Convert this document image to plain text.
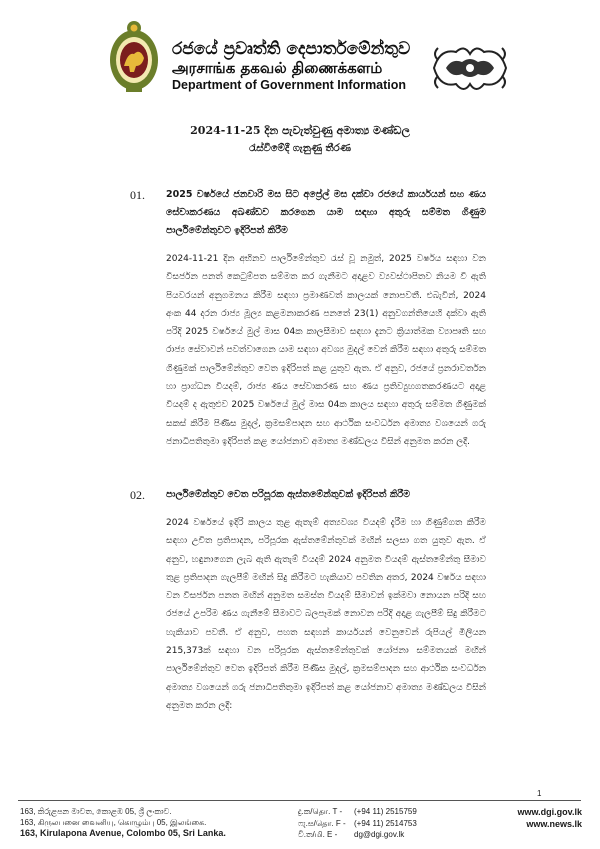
රජයේ ප්‍රවෘත්ති දෙපාර්තමේන්තුව
அரசாங்க தகவல் திணைக்களம்
Department of Government Information
2024-11-25 දින පැවැත්වුණු අමාත්‍ය මණ්ඩල
රැස්වීමේදී ගැනුණු තීරණ
01. 2025 වර්ෂයේ ජනවාරි මස සිට අප්‍රේල් මස දක්වා රජයේ කාර්යයන් සහ ණය සේවාකරණය අඛණ්ඩව කරගෙන යාම සඳහා අතුරු සම්මත ගිණුම පාර්ලිමේන්තුවට ඉදිරිපත් කිරීම
2024-11-21 දින අභිනව පාර්ලිමේන්තුව රැස් වූ නමුත්, 2025 වර්ෂය සඳහා වන විසර්ජන පනත් කෙටුම්පත සම්මත කර ගැනීමට අදාළව ව්‍යවස්ථාපිතව නියම වී ඇති පියවරයන් අනුගමනය කිරීම සඳහා ප්‍රමාණවත් කාලයක් නොපවතී. එබැවින්, 2024 අංක 44 දරන රාජ්‍ය මූල්‍ය කළමනාකරණ පනතේ 23(1) අනුවගන්තියෙහි දක්වා ඇති පරිදි 2025 වර්ෂයේ මුල් මාස 04ක කාලසීමාව සඳහා දැනට ක්‍රියාත්මක ව්‍යාපෘති සහ රාජ්‍ය සේවාවන් පවත්වාගෙන යාම සඳහා අවශ්‍ය මුදල් වෙන් කිරීම සඳහා අතුරු සම්මත ගිණුමක් පාර්ලිමේන්තුව වෙත ඉදිරිපත් කළ යුතුව ඇත. ඒ අනුව, රජයේ ප්‍රනරාවර්තන හා ප්‍රාග්ධන වියදම්, රාජ්‍ය ණය සේවාකරණ සහ ණය ප්‍රතිව්‍යුහගතකරණයට අදාළ වියදම් ද ඇතුළුව 2025 වර්ෂයේ මුල් මාස 04ක කාලය සඳහා අතුරු සම්මත ගිණුමක් සකස් කිරීම පිණිස මුදල්, ක්‍රමසම්පාදන සහ ආර්ථික සංවර්ධන අමාත්‍ය වශයෙන් ගරු ජනාධිපතිතුමා ඉදිරිපත් කළ යෝජනාව අමාත්‍ය මණ්ඩලය විසින් අනුමත කරන ලදී.
02. පාර්ලිමේන්තුව වෙත පරිපූරක ඇස්තමේන්තුවක් ඉදිරිපත් කිරීම
2024 වර්ෂයේ ඉදිරි කාලය තුළ ඇතැම් අත්‍යවශ්‍ය වියදම් දැරීම හා ගිණුම්ගත කිරීම සඳහා උචිත ප්‍රතිපාදන, පරිපූරක ඇස්තමේන්තුවක් මඟින් සලසා ගත යුතුව ඇත. ඒ අනුව, හඳුනාගෙන ලැබ ඇති ඇතැම් වියදම් 2024 අනුමත වියදම් ඇස්තමේන්තු සීමාව තුළ ප්‍රතිපාදන ගැලපීම් මඟින් සිදු කිරීමට හැකියාව පවතින අතර, 2024 වර්ෂය සඳහා වන විසර්ජන පනත මඟින් අනුමත සමස්ත වියදම් සීමාවන් ඉක්මවා නොයන පරිදි සහ රජයේ උපරිම ණය ගැනීමේ සීමාවට බලපෑමක් නොවන පරිදි අදාළ ගැලපීම් සිදු කිරීමට හැකියාව පවතී. ඒ අනුව, පහත සඳහන් කාර්යයන් වෙනුවෙන් රුපියල් මිලියන 215,373ක් සඳහා වන පරිපූරක ඇස්තමේන්තුවක් යෝජනා සම්මතයක් මඟින් පාර්ලිමේන්තුව වෙත ඉදිරිපත් කිරීම පිණිස මුදල්, ක්‍රමසම්පාදන සහ ආර්ථික සංවර්ධන අමාත්‍ය වශයෙන් ගරු ජනාධිපතිතුමා ඉදිරිපත් කළ යෝජනාව අමාත්‍ය මණ්ඩලය විසින් අනුමත කරන ලදී:
1
163, කිරුළපන මාවත, කොළඹ 05, ශ්‍රී ලංකාව.
163, கிருலபனை வைனியு, கொழும்பு 05, இலங்கை.
163, Kirulapona Avenue, Colombo 05, Sri Lanka.
දු.ක/தொ. T - (+94 11) 2515759
ෆැ.ස/தொ. F - (+94 11) 2514753
වි.ත/மி. E - dg@dgi.gov.lk
www.dgi.gov.lk
www.news.lk
